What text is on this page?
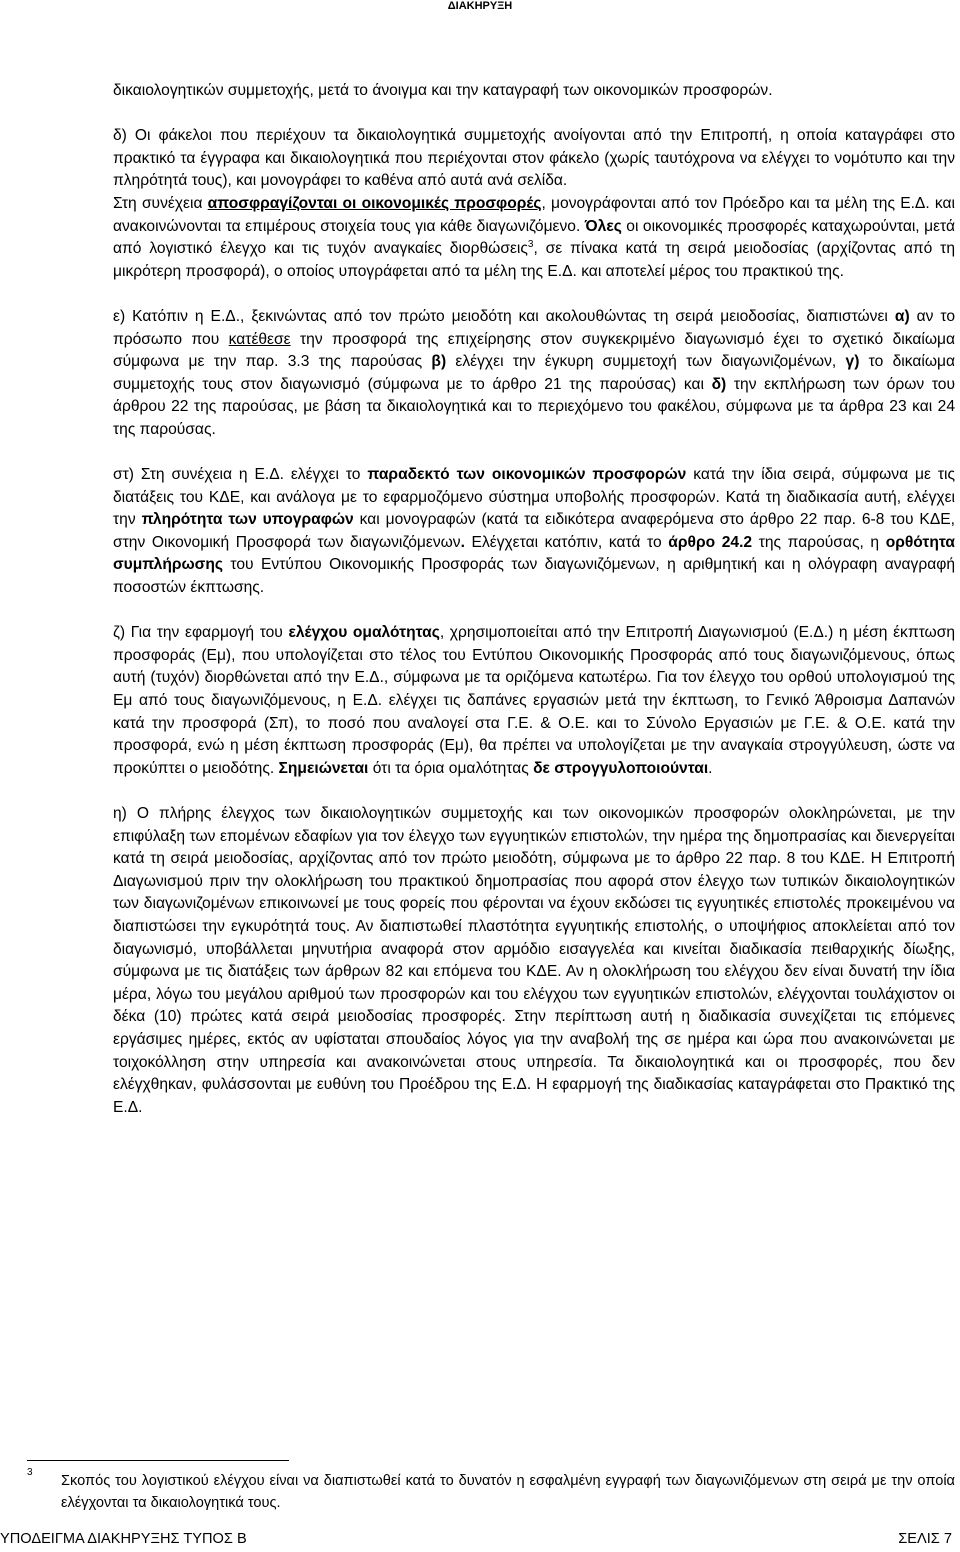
ΔΙΑΚΗΡΥΞΗ

δικαιολογητικών συμμετοχής, μετά το άνοιγμα και την καταγραφή των οικονομικών προσφορών.

δ) Οι φάκελοι που περιέχουν τα δικαιολογητικά συμμετοχής ανοίγονται από την Επιτροπή, η οποία καταγράφει στο πρακτικό τα έγγραφα και δικαιολογητικά που περιέχονται στον φάκελο (χωρίς ταυτόχρονα να ελέγχει το νομότυπο και την πληρότητά τους), και μονογράφει το καθένα από αυτά ανά σελίδα.

Στη συνέχεια αποσφραγίζονται οι οικονομικές προσφορές, μονογράφονται από τον Πρόεδρο και τα μέλη της Ε.Δ. και ανακοινώνονται τα επιμέρους στοιχεία τους για κάθε διαγωνιζόμενο. Όλες οι οικονομικές προσφορές καταχωρούνται, μετά από λογιστικό έλεγχο και τις τυχόν αναγκαίες διορθώσεις$^3$, σε πίνακα κατά τη σειρά μειοδοσίας (αρχίζοντας από τη μικρότερη προσφορά), ο οποίος υπογράφεται από τα μέλη της Ε.Δ. και αποτελεί μέρος του πρακτικού της.

ε) Κατόπιν η Ε.Δ., ξεκινώντας από τον πρώτο μειοδότη και ακολουθώντας τη σειρά μειοδοσίας, διαπιστώνει α) αν το πρόσωπο που κατέθεσε την προσφορά της επιχείρησης στον συγκεκριμένο διαγωνισμό έχει το σχετικό δικαίωμα σύμφωνα με την παρ. 3.3 της παρούσας β) ελέγχει την έγκυρη συμμετοχή των διαγωνιζομένων, γ) το δικαίωμα συμμετοχής τους στον διαγωνισμό (σύμφωνα με το άρθρο 21 της παρούσας) και δ) την εκπλήρωση των όρων του άρθρου 22 της παρούσας, με βάση τα δικαιολογητικά και το περιεχόμενο του φακέλου, σύμφωνα με τα άρθρα 23 και 24 της παρούσας.

στ) Στη συνέχεια η Ε.Δ. ελέγχει το παραδεκτό των οικονομικών προσφορών κατά την ίδια σειρά, σύμφωνα με τις διατάξεις του ΚΔΕ, και ανάλογα με το εφαρμοζόμενο σύστημα υποβολής προσφορών. Κατά τη διαδικασία αυτή, ελέγχει την πληρότητα των υπογραφών και μονογραφών (κατά τα ειδικότερα αναφερόμενα στο άρθρο 22 παρ. 6-8 του ΚΔΕ, στην Οικονομική Προσφορά των διαγωνιζόμενων. Ελέγχεται κατόπιν, κατά το άρθρο 24.2 της παρούσας, η ορθότητα συμπλήρωσης του Εντύπου Οικονομικής Προσφοράς των διαγωνιζόμενων, η αριθμητική και η ολόγραφη αναγραφή ποσοστών έκπτωσης.

ζ) Για την εφαρμογή του ελέγχου ομαλότητας, χρησιμοποιείται από την Επιτροπή Διαγωνισμού (Ε.Δ.) η μέση έκπτωση προσφοράς (Εμ), που υπολογίζεται στο τέλος του Εντύπου Οικονομικής Προσφοράς από τους διαγωνιζόμενους, όπως αυτή (τυχόν) διορθώνεται από την Ε.Δ., σύμφωνα με τα οριζόμενα κατωτέρω. Για τον έλεγχο του ορθού υπολογισμού της Εμ από τους διαγωνιζόμενους, η Ε.Δ. ελέγχει τις δαπάνες εργασιών μετά την έκπτωση, το Γενικό Άθροισμα Δαπανών κατά την προσφορά (Σπ), το ποσό που αναλογεί στα Γ.Ε. & Ο.Ε. και το Σύνολο Εργασιών με Γ.Ε. & Ο.Ε. κατά την προσφορά, ενώ η μέση έκπτωση προσφοράς (Εμ), θα πρέπει να υπολογίζεται με την αναγκαία στρογγύλευση, ώστε να προκύπτει ο μειοδότης. Σημειώνεται ότι τα όρια ομαλότητας δε στρογγυλοποιούνται.

η) Ο πλήρης έλεγχος των δικαιολογητικών συμμετοχής και των οικονομικών προσφορών ολοκληρώνεται, με την επιφύλαξη των επομένων εδαφίων για τον έλεγχο των εγγυητικών επιστολών, την ημέρα της δημοπρασίας και διενεργείται κατά τη σειρά μειοδοσίας, αρχίζοντας από τον πρώτο μειοδότη, σύμφωνα με το άρθρο 22 παρ. 8 του ΚΔΕ. Η Επιτροπή Διαγωνισμού πριν την ολοκλήρωση του πρακτικού δημοπρασίας που αφορά στον έλεγχο των τυπικών δικαιολογητικών των διαγωνιζομένων επικοινωνεί με τους φορείς που φέρονται να έχουν εκδώσει τις εγγυητικές επιστολές προκειμένου να διαπιστώσει την εγκυρότητά τους. Αν διαπιστωθεί πλαστότητα εγγυητικής επιστολής, ο υποψήφιος αποκλείεται από τον διαγωνισμό, υποβάλλεται μηνυτήρια αναφορά στον αρμόδιο εισαγγελέα και κινείται διαδικασία πειθαρχικής δίωξης, σύμφωνα με τις διατάξεις των άρθρων 82 και επόμενα του ΚΔΕ. Αν η ολοκλήρωση του ελέγχου δεν είναι δυνατή την ίδια μέρα, λόγω του μεγάλου αριθμού των προσφορών και του ελέγχου των εγγυητικών επιστολών, ελέγχονται τουλάχιστον οι δέκα (10) πρώτες κατά σειρά μειοδοσίας προσφορές. Στην περίπτωση αυτή η διαδικασία συνεχίζεται τις επόμενες εργάσιμες ημέρες, εκτός αν υφίσταται σπουδαίος λόγος για την αναβολή της σε ημέρα και ώρα που ανακοινώνεται με τοιχοκόλληση στην υπηρεσία και ανακοινώνεται στους υπηρεσία. Τα δικαιολογητικά και οι προσφορές, που δεν ελέγχθηκαν, φυλάσσονται με ευθύνη του Προέδρου της Ε.Δ. Η εφαρμογή της διαδικασίας καταγράφεται στο Πρακτικό της Ε.Δ.

3
Σκοπός του λογιστικού ελέγχου είναι να διαπιστωθεί κατά το δυνατόν η εσφαλμένη εγγραφή των διαγωνιζόμενων στη σειρά με την οποία ελέγχονται τα δικαιολογητικά τους.
ΥΠΟΔΕΙΓΜΑ ΔΙΑΚΗΡΥΞΗΣ ΤΥΠΟΣ Β	ΣΕΛΙΣ 7
